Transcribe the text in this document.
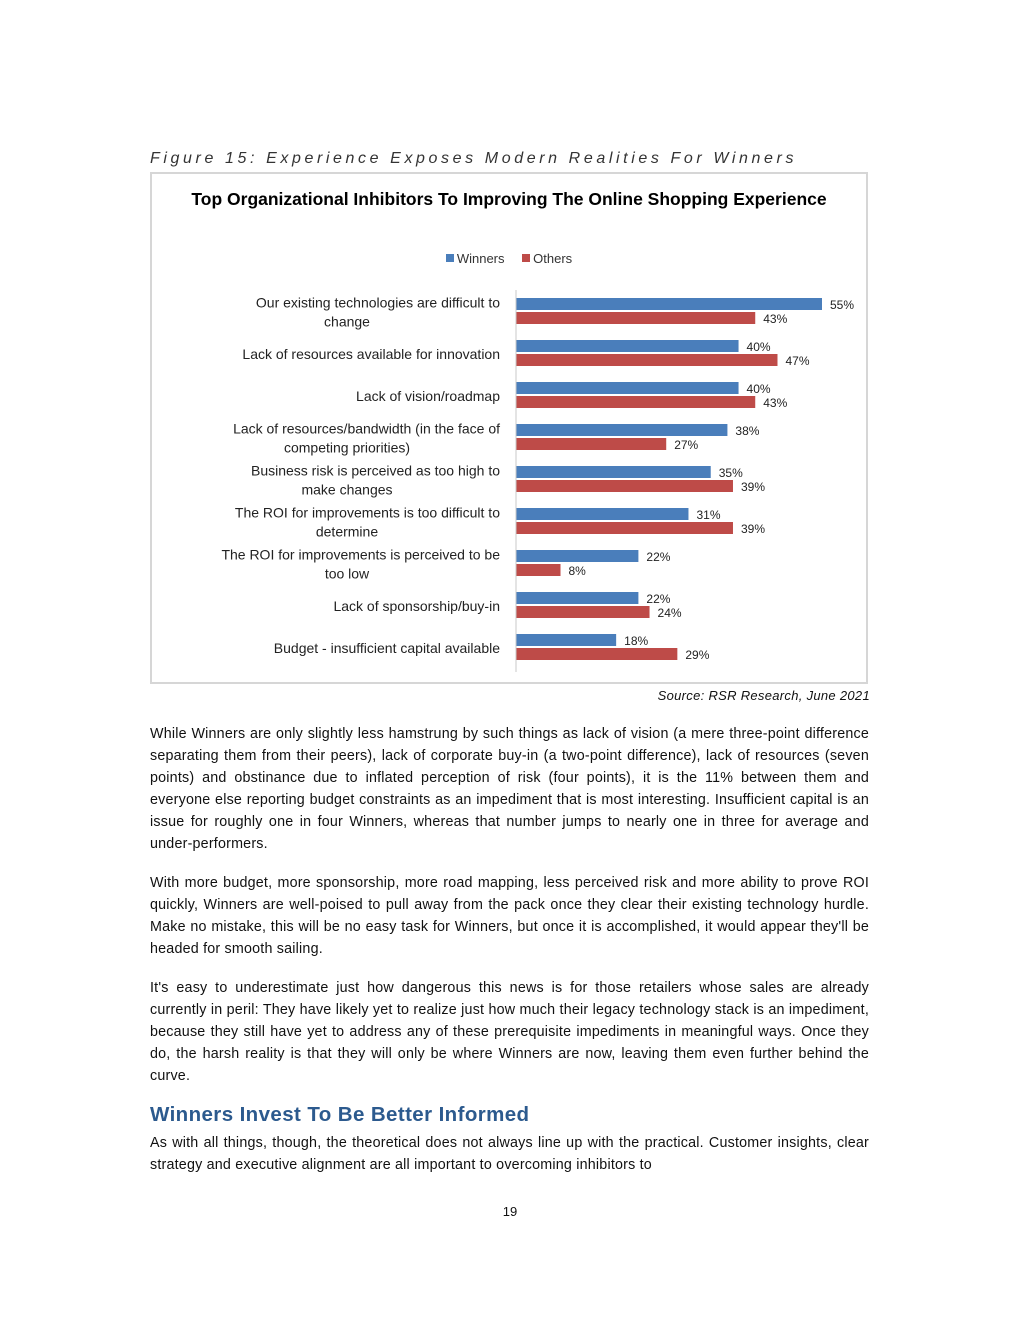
Figure 15: Experience Exposes Modern Realities For Winners
Top Organizational Inhibitors To Improving The Online Shopping Experience
Winners
Others
Our existing technologies are difficult to change
55%
43%
Lack of resources available for innovation	40%
47%
Lack of vision/roadmap	40%
43%
Lack of resources/bandwidth (in the face of competing priorities)
38%
27%
Business risk is perceived as too high to make changes
35%
39%
The ROI for improvements is too difficult to determine
31%
39%
The ROI for improvements is perceived to be too low
22%
8%
Lack of sponsorship/buy-in	22%
24%
Budget - insufficient capital available	18%
29%
Source: RSR Research, June 2021

While Winners are only slightly less hamstrung by such things as lack of vision (a mere three-point difference separating them from their peers), lack of corporate buy-in (a two-point difference), lack of resources (seven points) and obstinance due to inflated perception of risk (four points), it is the 11% between them and everyone else reporting budget constraints as an impediment that is most interesting. Insufficient capital is an issue for roughly one in four Winners, whereas that number jumps to nearly one in three for average and under-performers.

With more budget, more sponsorship, more road mapping, less perceived risk and more ability to prove ROI quickly, Winners are well-poised to pull away from the pack once they clear their existing technology hurdle. Make no mistake, this will be no easy task for Winners, but once it is accomplished, it would appear they'll be headed for smooth sailing.

It's easy to underestimate just how dangerous this news is for those retailers whose sales are already currently in peril: They have likely yet to realize just how much their legacy technology stack is an impediment, because they still have yet to address any of these prerequisite impediments in meaningful ways. Once they do, the harsh reality is that they will only be where Winners are now, leaving them even further behind the curve.

Winners Invest To Be Better Informed

As with all things, though, the theoretical does not always line up with the practical. Customer insights, clear strategy and executive alignment are all important to overcoming inhibitors to

19
